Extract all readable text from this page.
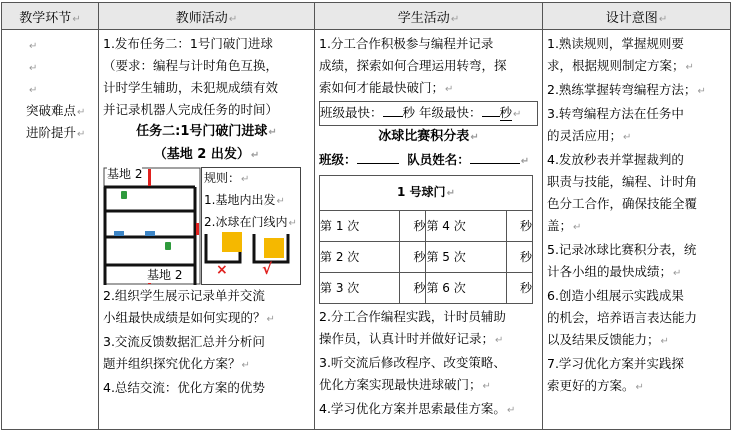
教学环节↵	教师活动↵	学生活动↵	设计意图↵

↵
↵
↵
突破难点↵
进阶提升↵

1.发布任务二：1号门破门进球
（要求：编程与计时角色互换，
计时学生辅助，未犯规成绩有效
并记录机器人完成任务的时间）
任务二:1号门破门进球↵
（基地 2 出发）↵
基地 2
基地 2
规则：↵
1.基地内出发↵
2.冰球在门线内↵
× √
2.组织学生展示记录单并交流
小组最快成绩是如何实现的？↵
3.交流反馈数据汇总并分析问
题并组织探究优化方案？↵
4.总结交流：优化方案的优势

1.分工合作积极参与编程并记录
成绩，探索如何合理运用转弯，探
索如何才能最快破门；↵
班级最快： 秒 年级最快： 秒↵
冰球比赛积分表↵
班级：	队员姓名：	↵
1 号球门↵
第 1 次	秒	第 4 次	秒
第 2 次	秒	第 5 次	秒
第 3 次	秒	第 6 次	秒
2.分工合作编程实践，计时员辅助
操作员，认真计时并做好记录；↵
3.听交流后修改程序、改变策略、
优化方案实现最快进球破门；↵
4.学习优化方案并思索最佳方案。↵

1.熟读规则，掌握规则要
求，根据规则制定方案；↵
2.熟练掌握转弯编程方法；↵
3.转弯编程方法在任务中
的灵活应用；↵
4.发放秒表并掌握裁判的
职责与技能，编程、计时角
色分工合作，确保技能全覆
盖；↵
5.记录冰球比赛积分表，统
计各小组的最快成绩；↵
6.创造小组展示实践成果
的机会，培养语言表达能力
以及结果反馈能力；↵
7.学习优化方案并实践探
索更好的方案。↵
